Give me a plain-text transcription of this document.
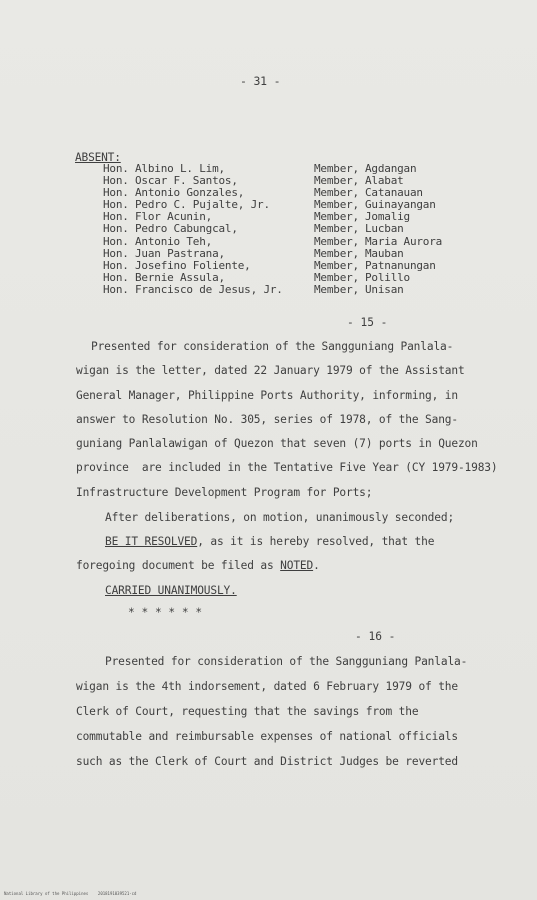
- 31 -
ABSENT:
Hon. Albino L. Lim,	Member, Agdangan
Hon. Oscar F. Santos,	Member, Alabat
Hon. Antonio Gonzales,	Member, Catanauan
Hon. Pedro C. Pujalte, Jr.	Member, Guinayangan
Hon. Flor Acunin,	Member, Jomalig
Hon. Pedro Cabungcal,	Member, Lucban
Hon. Antonio Teh,	Member, Maria Aurora
Hon. Juan Pastrana,	Member, Mauban
Hon. Josefino Foliente,	Member, Patnanungan
Hon. Bernie Assula,	Member, Polillo
Hon. Francisco de Jesus, Jr.	Member, Unisan
- 15 -
Presented for consideration of the Sangguniang Panlala-
wigan is the letter, dated 22 January 1979 of the Assistant
General Manager, Philippine Ports Authority, informing, in
answer to Resolution No. 305, series of 1978, of the Sang-
guniang Panlalawigan of Quezon that seven (7) ports in Quezon
province  are included in the Tentative Five Year (CY 1979-1983)
Infrastructure Development Program for Ports;
After deliberations, on motion, unanimously seconded;
BE IT RESOLVED, as it is hereby resolved, that the
foregoing document be filed as NOTED.
CARRIED UNANIMOUSLY.
* * * * * *
- 16 -
Presented for consideration of the Sangguniang Panlala-
wigan is the 4th indorsement, dated 6 February 1979 of the
Clerk of Court, requesting that the savings from the
commutable and reimbursable expenses of national officials
such as the Clerk of Court and District Judges be reverted
National Library of the Philippines    2018191039521-cd
